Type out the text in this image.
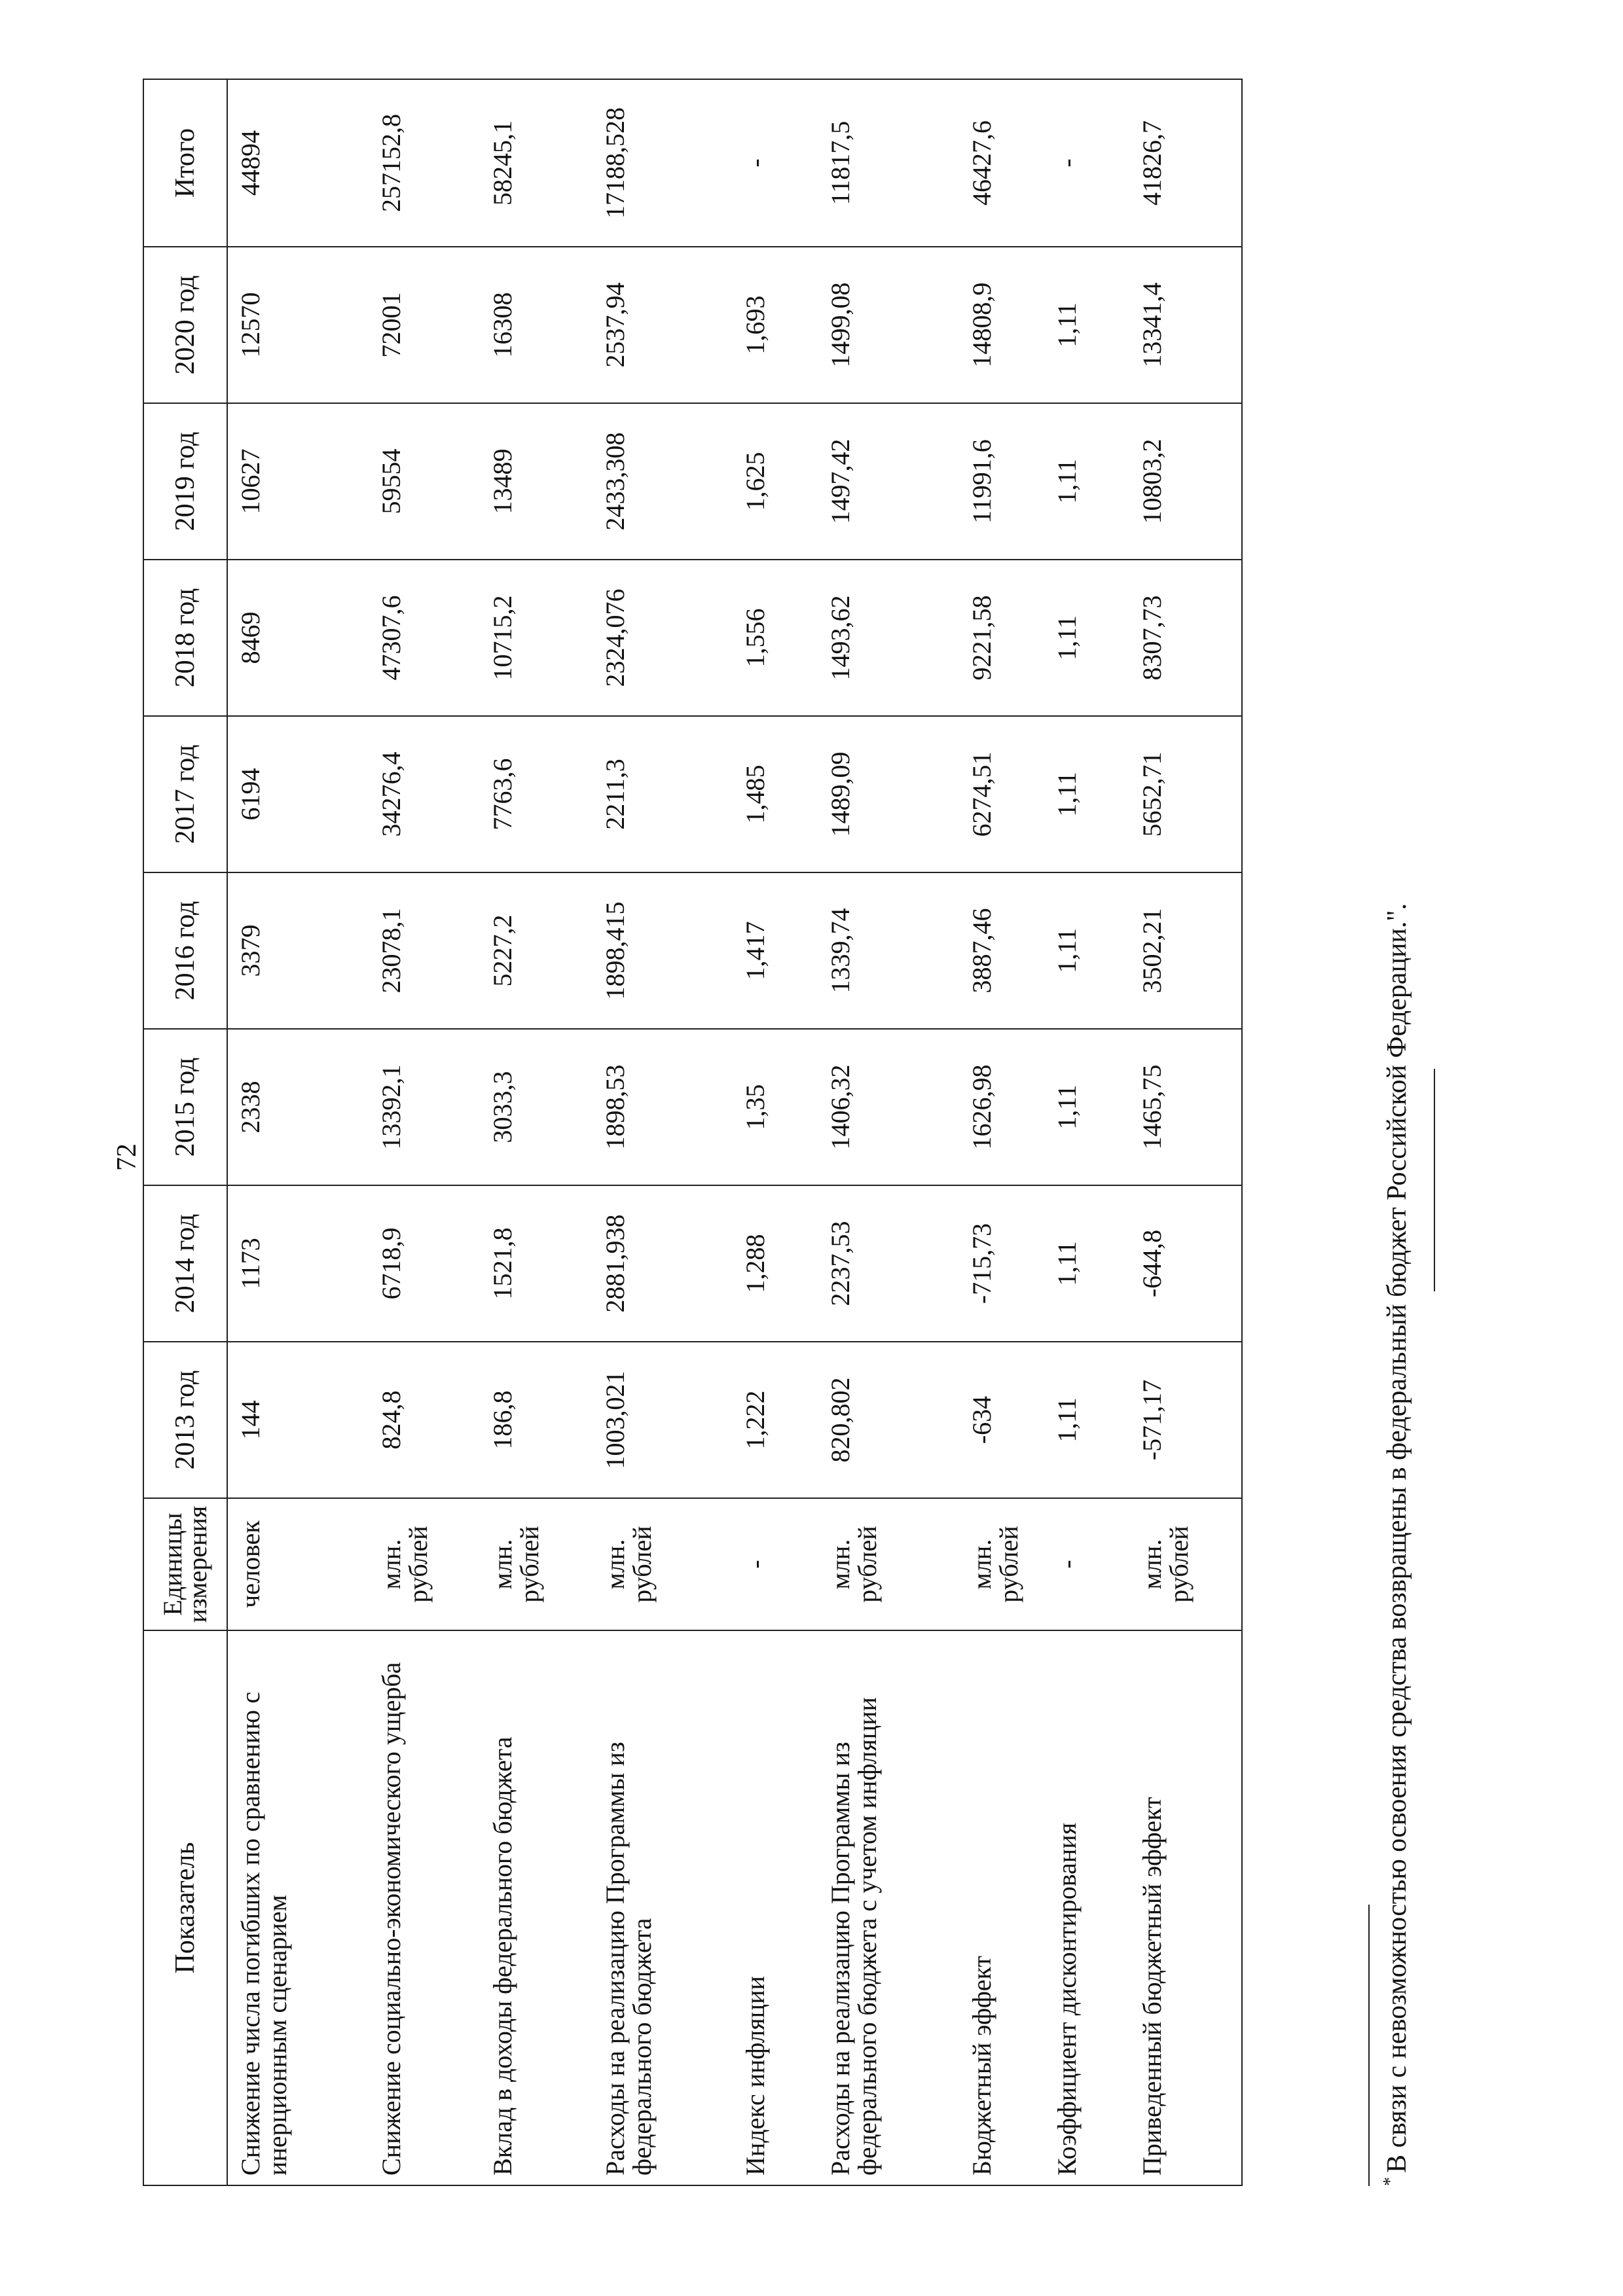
72
Показатель	Единицы измерения	2013 год	2014 год	2015 год	2016 год	2017 год	2018 год	2019 год	2020 год	Итого
Снижение числа погибших по сравнению с инерционным сценарием	человек	144	1173	2338	3379	6194	8469	10627	12570	44894
Снижение социально-экономического ущерба	млн. рублей	824,8	6718,9	13392,1	23078,1	34276,4	47307,6	59554	72001	257152,8
Вклад в доходы федерального бюджета	млн. рублей	186,8	1521,8	3033,3	5227,2	7763,6	10715,2	13489	16308	58245,1
Расходы на реализацию Программы из федерального бюджета	млн. рублей	1003,021	2881,938	1898,53	1898,415	2211,3	2324,076	2433,308	2537,94	17188,528
Индекс инфляции	-	1,222	1,288	1,35	1,417	1,485	1,556	1,625	1,693	-
Расходы на реализацию Программы из федерального бюджета с учетом инфляции	млн. рублей	820,802	2237,53	1406,32	1339,74	1489,09	1493,62	1497,42	1499,08	11817,5
Бюджетный эффект	млн. рублей	-634	-715,73	1626,98	3887,46	6274,51	9221,58	11991,6	14808,9	46427,6
Коэффициент дисконтирования	-	1,11	1,11	1,11	1,11	1,11	1,11	1,11	1,11	-
Приведенный бюджетный эффект	млн. рублей	-571,17	-644,8	1465,75	3502,21	5652,71	8307,73	10803,2	13341,4	41826,7
*В связи с невозможностью освоения средства возвращены в федеральный бюджет Российской Федерации.".
